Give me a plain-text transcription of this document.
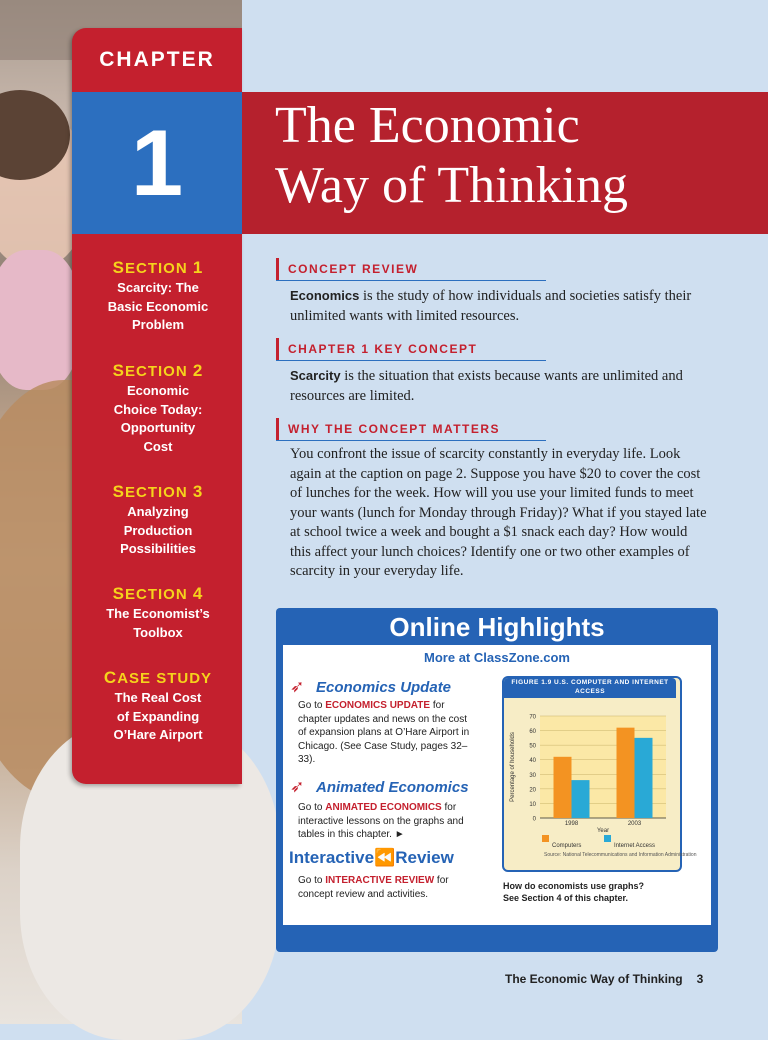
CHAPTER
1	The Economic
Way of Thinking
SECTION 1
Scarcity: The
Basic Economic
Problem
SECTION 2
Economic
Choice Today:
Opportunity
Cost
SECTION 3
Analyzing
Production
Possibilities
SECTION 4
The Economist’s
Toolbox
CASE STUDY
The Real Cost
of Expanding
O’Hare Airport
CONCEPT REVIEW
Economics is the study of how individuals and societies satisfy their unlimited wants with limited resources.
CHAPTER 1 KEY CONCEPT
Scarcity is the situation that exists because wants are unlimited and resources are limited.
WHY THE CONCEPT MATTERS
You confront the issue of scarcity constantly in everyday life. Look again at the caption on page 2. Suppose you have $20 to cover the cost of lunches for the week. How will you use your limited funds to meet your wants (lunch for Monday through Friday)? What if you stayed late at school twice a week and bought a $1 snack each day? How would this affect your lunch choices? Identify one or two other examples of scarcity in your everyday life.
Online Highlights
More at ClassZone.com
➶ Economics Update
Go to ECONOMICS UPDATE for chapter updates and news on the cost of expansion plans at O’Hare Airport in Chicago. (See Case Study, pages 32–33).
➶ Animated Economics
Go to ANIMATED ECONOMICS for interactive lessons on the graphs and tables in this chapter. ►
Interactive⏪Review
Go to INTERACTIVE REVIEW for concept review and activities.
FIGURE 1.9 U.S. COMPUTER AND INTERNET ACCESS
0
10
20
30
40
50
60
70
Percentage of households
1998	2003
Year
Computers	Internet Access
Source: National Telecommunications and Information Administration
How do economists use graphs?
See Section 4 of this chapter.
The Economic Way of Thinking 3
